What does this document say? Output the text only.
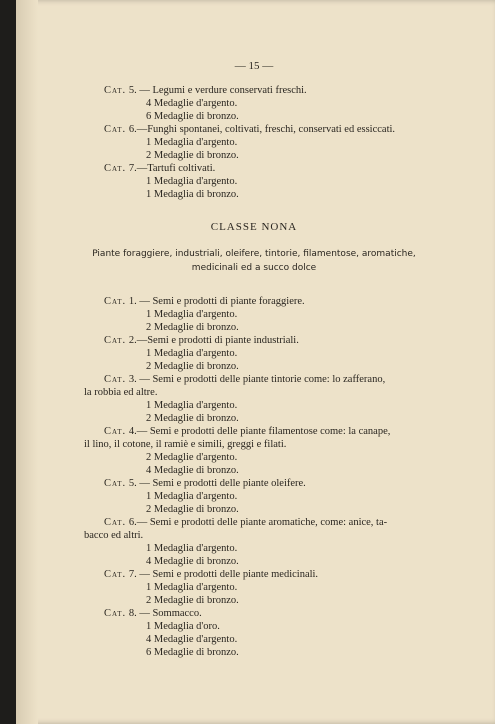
— 15 —
Cat. 5. — Legumi e verdure conservati freschi.
4 Medaglie d'argento.
6 Medaglie di bronzo.
Cat. 6.—Funghi spontanei, coltivati, freschi, conservati ed essiccati.
1 Medaglia d'argento.
2 Medaglie di bronzo.
Cat. 7.—Tartufi coltivati.
1 Medaglia d'argento.
1 Medaglia di bronzo.
CLASSE NONA
Piante foraggiere, industriali, oleifere, tintorie, filamentose, aromatiche,
medicinali ed a succo dolce
Cat. 1. — Semi e prodotti di piante foraggiere.
1 Medaglia d'argento.
2 Medaglie di bronzo.
Cat. 2.—Semi e prodotti di piante industriali.
1 Medaglia d'argento.
2 Medaglie di bronzo.
Cat. 3. — Semi e prodotti delle piante tintorie come: lo zafferano,
la robbia ed altre.
1 Medaglia d'argento.
2 Medaglie di bronzo.
Cat. 4.— Semi e prodotti delle piante filamentose come: la canape,
il lino, il cotone, il ramiè e simili, greggi e filati.
2 Medaglie d'argento.
4 Medaglie di bronzo.
Cat. 5. — Semi e prodotti delle piante oleifere.
1 Medaglia d'argento.
2 Medaglie di bronzo.
Cat. 6.— Semi e prodotti delle piante aromatiche, come: anice, ta-
bacco ed altri.
1 Medaglia d'argento.
4 Medaglie di bronzo.
Cat. 7. — Semi e prodotti delle piante medicinali.
1 Medaglia d'argento.
2 Medaglie di bronzo.
Cat. 8. — Sommacco.
1 Medaglia d'oro.
4 Medaglie d'argento.
6 Medaglie di bronzo.
